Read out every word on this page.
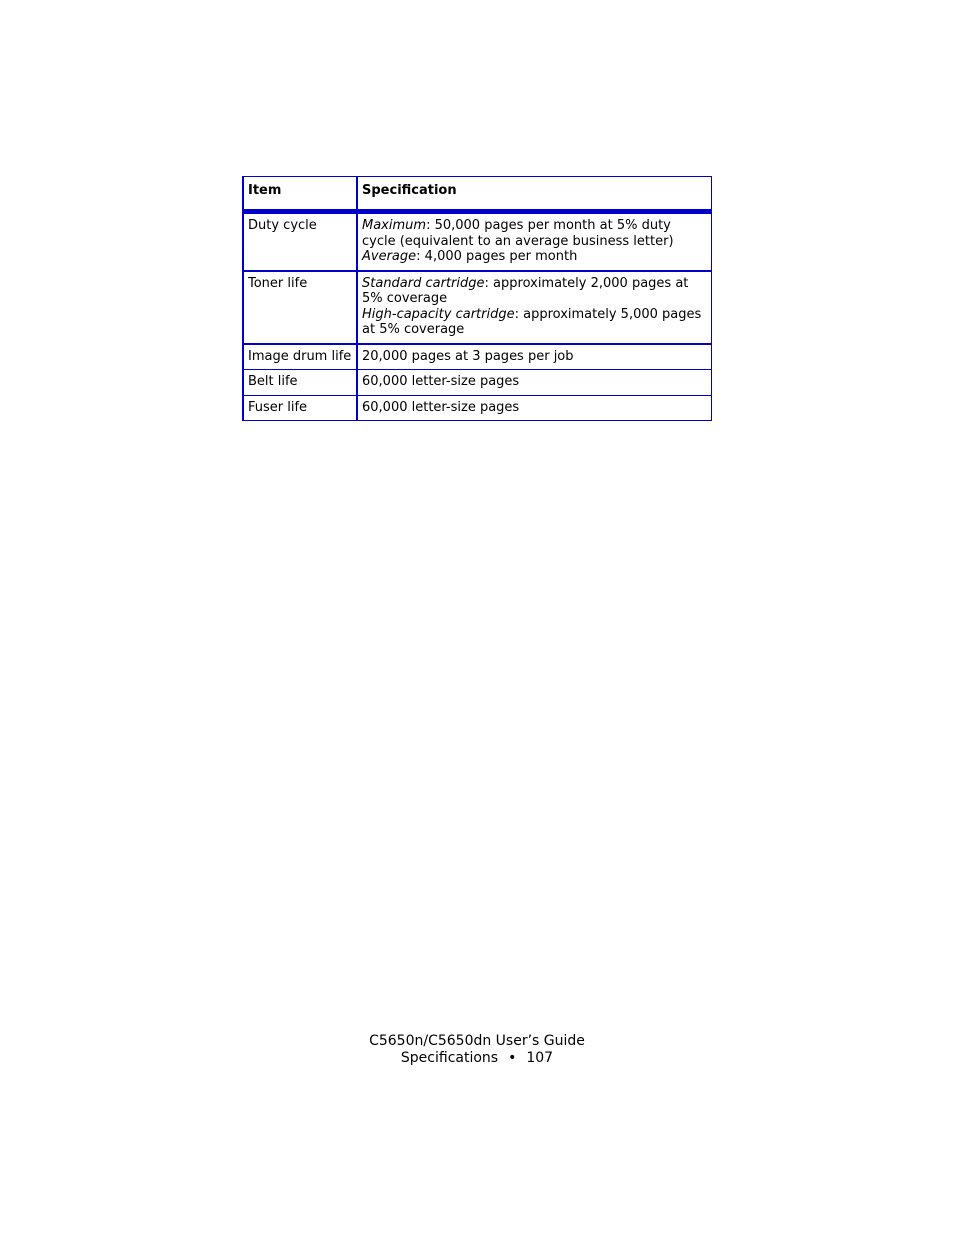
Item	Specification
Duty cycle	Maximum: 50,000 pages per month at 5% duty cycle (equivalent to an average business letter)
Average: 4,000 pages per month

Toner life	Standard cartridge: approximately 2,000 pages at 5% coverage
High-capacity cartridge: approximately 5,000 pages at 5% coverage

Image drum life	20,000 pages at 3 pages per job
Belt life	60,000 letter-size pages
Fuser life	60,000 letter-size pages
C5650n/C5650dn User’s Guide
Specifications • 107
